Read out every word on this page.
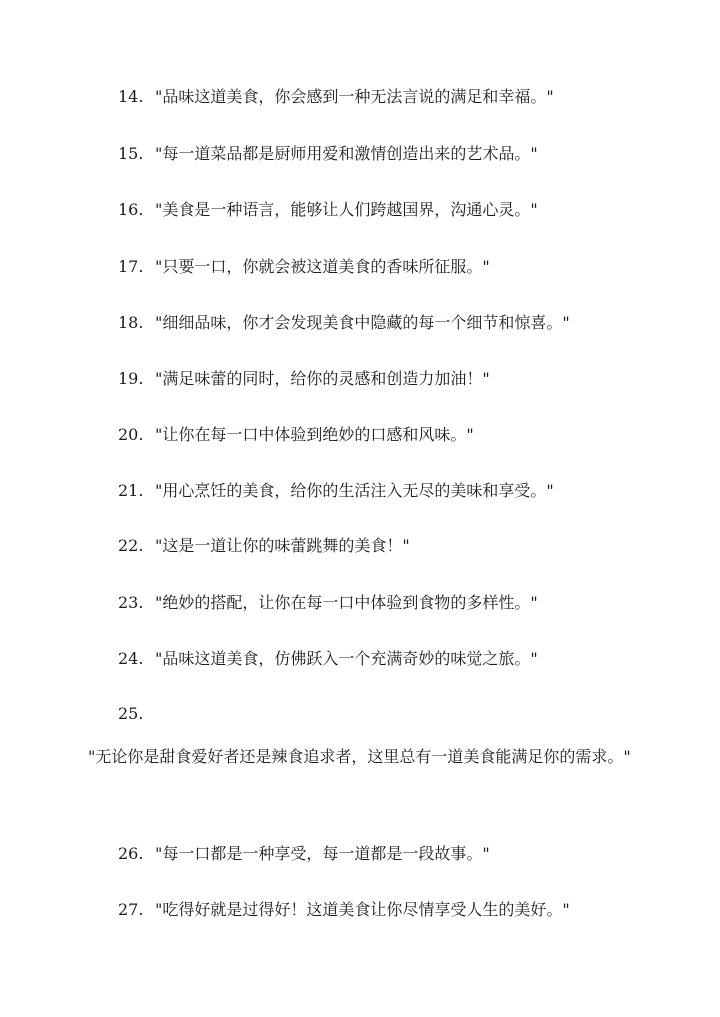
14. "品味这道美食，你会感到一种无法言说的满足和幸福。"
15. "每一道菜品都是厨师用爱和激情创造出来的艺术品。"
16. "美食是一种语言，能够让人们跨越国界，沟通心灵。"
17. "只要一口，你就会被这道美食的香味所征服。"
18. "细细品味，你才会发现美食中隐藏的每一个细节和惊喜。"
19. "满足味蕾的同时，给你的灵感和创造力加油！"
20. "让你在每一口中体验到绝妙的口感和风味。"
21. "用心烹饪的美食，给你的生活注入无尽的美味和享受。"
22. "这是一道让你的味蕾跳舞的美食！"
23. "绝妙的搭配，让你在每一口中体验到食物的多样性。"
24. "品味这道美食，仿佛跃入一个充满奇妙的味觉之旅。"
25.
"无论你是甜食爱好者还是辣食追求者，这里总有一道美食能满足你的需求。"
26. "每一口都是一种享受，每一道都是一段故事。"
27. "吃得好就是过得好！这道美食让你尽情享受人生的美好。"
